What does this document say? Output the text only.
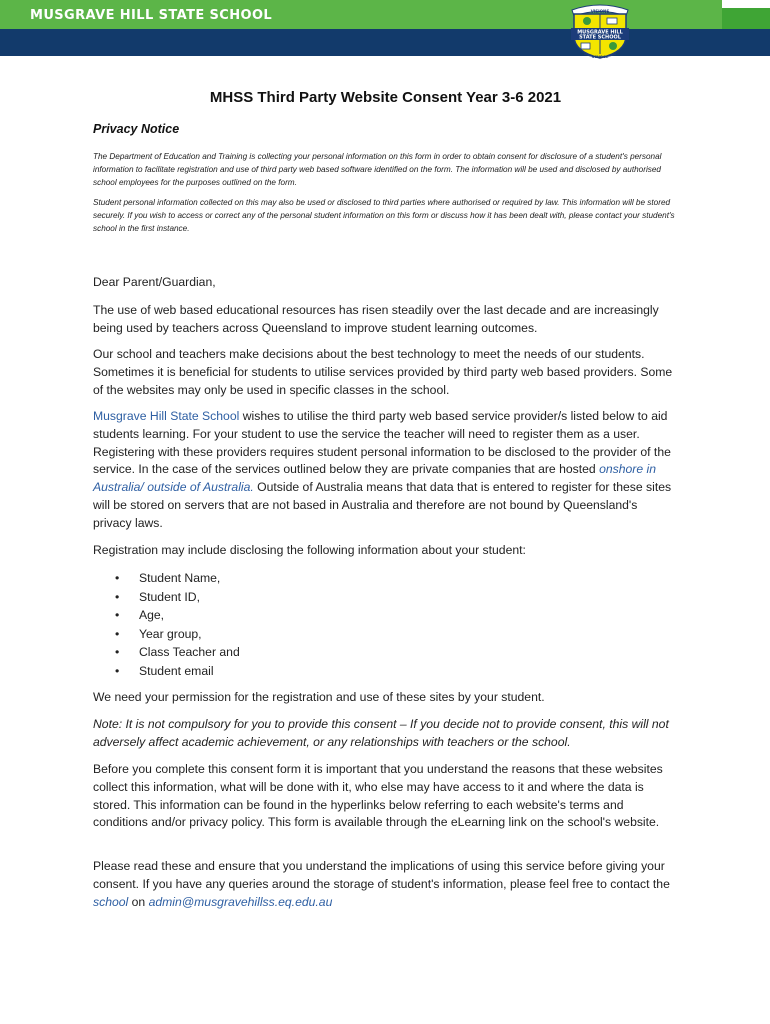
MUSGRAVE HILL STATE SCHOOL	VISIONS
MUSGRAVE HILL
STATE SCHOOL
SCHOOL
MHSS Third Party Website Consent Year 3-6 2021
Privacy Notice

The Department of Education and Training is collecting your personal information on this form in order to obtain consent for disclosure of a student's personal information to facilitate registration and use of third party web based software identified on the form. The information will be used and disclosed by authorised school employees for the purposes outlined on the form.

Student personal information collected on this may also be used or disclosed to third parties where authorised or required by law. This information will be stored securely. If you wish to access or correct any of the personal student information on this form or discuss how it has been dealt with, please contact your student's school in the first instance.

Dear Parent/Guardian,

The use of web based educational resources has risen steadily over the last decade and are increasingly being used by teachers across Queensland to improve student learning outcomes.

Our school and teachers make decisions about the best technology to meet the needs of our students. Sometimes it is beneficial for students to utilise services provided by third party web based providers. Some of the websites may only be used in specific classes in the school.

Musgrave Hill State School wishes to utilise the third party web based service provider/s listed below to aid students learning. For your student to use the service the teacher will need to register them as a user. Registering with these providers requires student personal information to be disclosed to the provider of the service. In the case of the services outlined below they are private companies that are hosted onshore in Australia/ outside of Australia. Outside of Australia means that data that is entered to register for these sites will be stored on servers that are not based in Australia and therefore are not bound by Queensland's privacy laws.

Registration may include disclosing the following information about your student:

• Student Name,
• Student ID,
• Age,
• Year group,
• Class Teacher and
• Student email

We need your permission for the registration and use of these sites by your student.

Note: It is not compulsory for you to provide this consent – If you decide not to provide consent, this will not adversely affect academic achievement, or any relationships with teachers or the school.

Before you complete this consent form it is important that you understand the reasons that these websites collect this information, what will be done with it, who else may have access to it and where the data is stored. This information can be found in the hyperlinks below referring to each website's terms and conditions and/or privacy policy. This form is available through the eLearning link on the school's website.

Please read these and ensure that you understand the implications of using this service before giving your consent. If you have any queries around the storage of student's information, please feel free to contact the school on admin@musgravehillss.eq.edu.au
